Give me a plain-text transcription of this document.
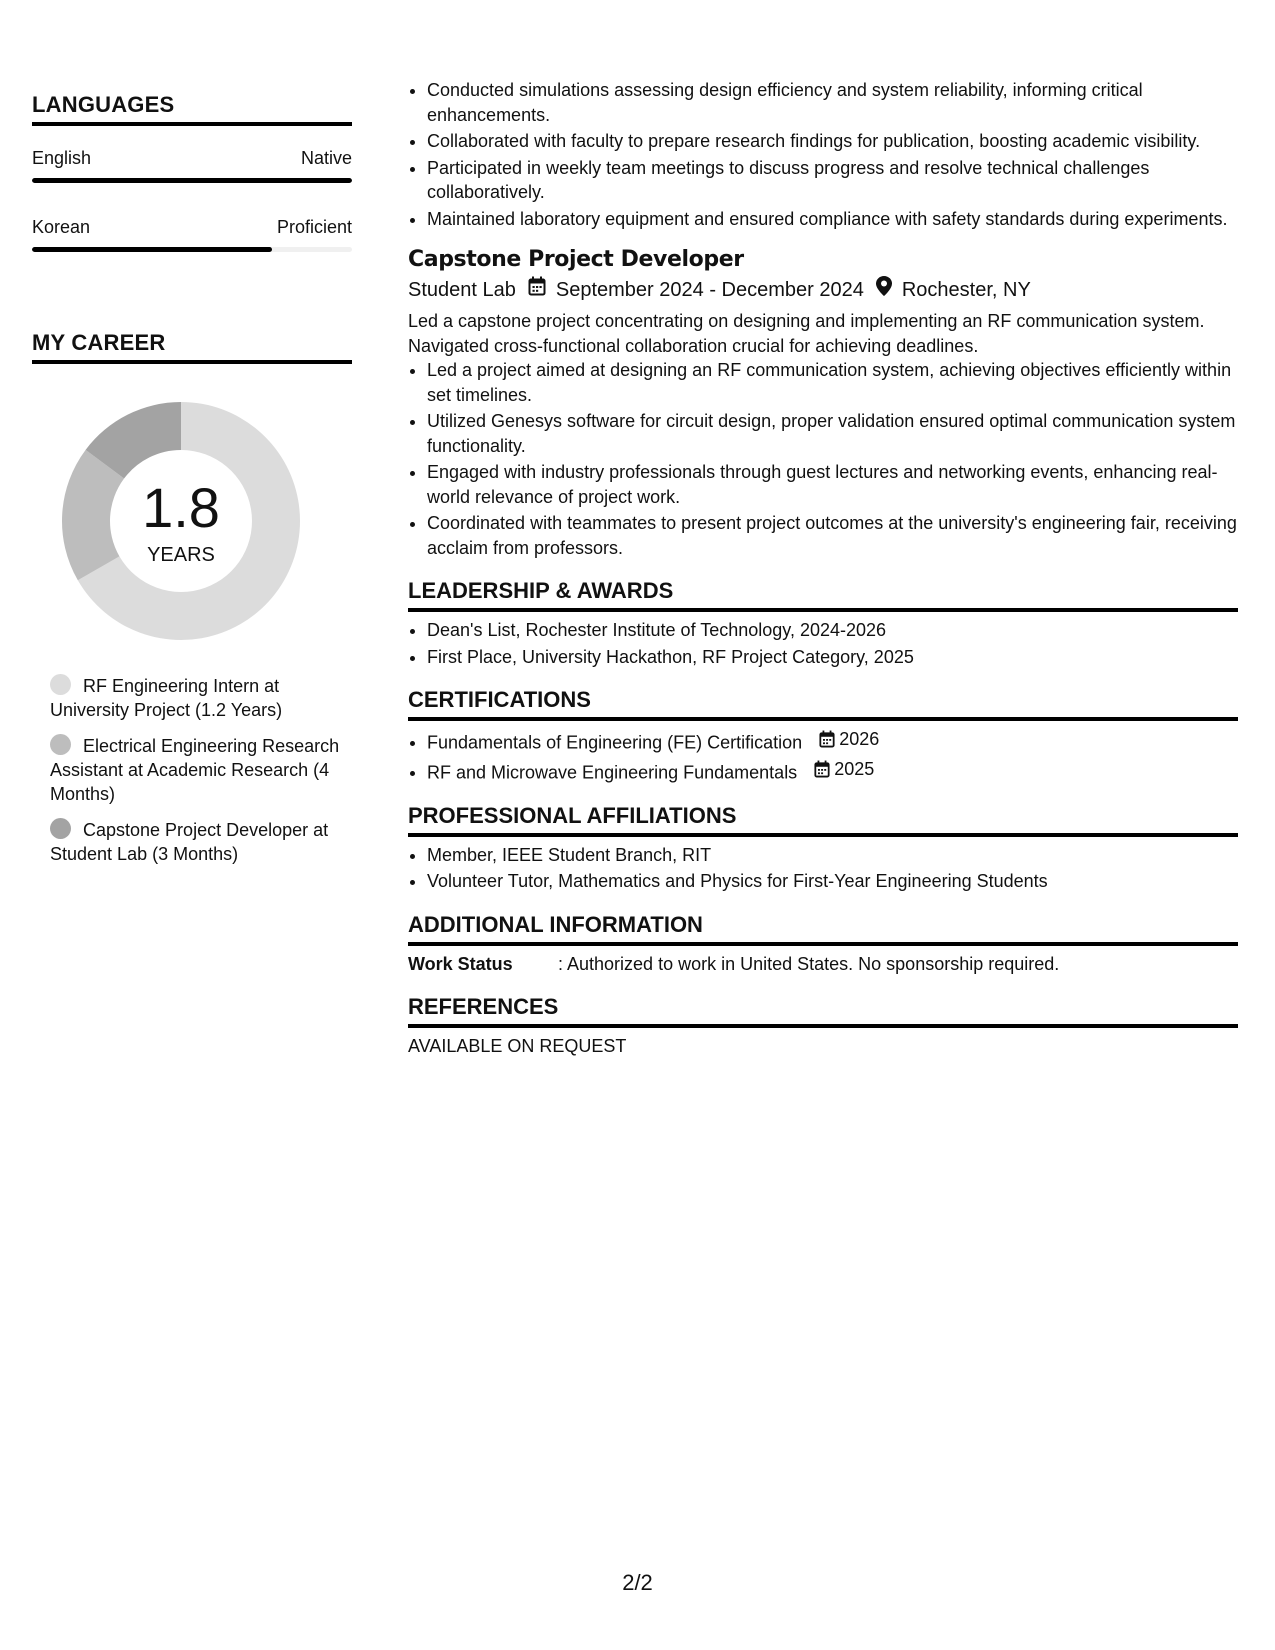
LANGUAGES
English	Native
Korean	Proficient
MY CAREER
1.8
YEARS
RF Engineering Intern at University Project (1.2 Years)
Electrical Engineering Research Assistant at Academic Research (4 Months)
Capstone Project Developer at Student Lab (3 Months)
• Conducted simulations assessing design efficiency and system reliability, informing critical enhancements.
• Collaborated with faculty to prepare research findings for publication, boosting academic visibility.
• Participated in weekly team meetings to discuss progress and resolve technical challenges collaboratively.
• Maintained laboratory equipment and ensured compliance with safety standards during experiments.
Capstone Project Developer
Student Lab September 2024 - December 2024 Rochester, NY

Led a capstone project concentrating on designing and implementing an RF communication system. Navigated cross-functional collaboration crucial for achieving deadlines.

• Led a project aimed at designing an RF communication system, achieving objectives efficiently within set timelines.
• Utilized Genesys software for circuit design, proper validation ensured optimal communication system functionality.
• Engaged with industry professionals through guest lectures and networking events, enhancing real-world relevance of project work.
• Coordinated with teammates to present project outcomes at the university's engineering fair, receiving acclaim from professors.
LEADERSHIP & AWARDS
• Dean's List, Rochester Institute of Technology, 2024-2026
• First Place, University Hackathon, RF Project Category, 2025
CERTIFICATIONS
• Fundamentals of Engineering (FE) Certification 2026
• RF and Microwave Engineering Fundamentals 2025
PROFESSIONAL AFFILIATIONS
• Member, IEEE Student Branch, RIT
• Volunteer Tutor, Mathematics and Physics for First-Year Engineering Students
ADDITIONAL INFORMATION
Work Status	: Authorized to work in United States. No sponsorship required.
REFERENCES

AVAILABLE ON REQUEST

2/2
